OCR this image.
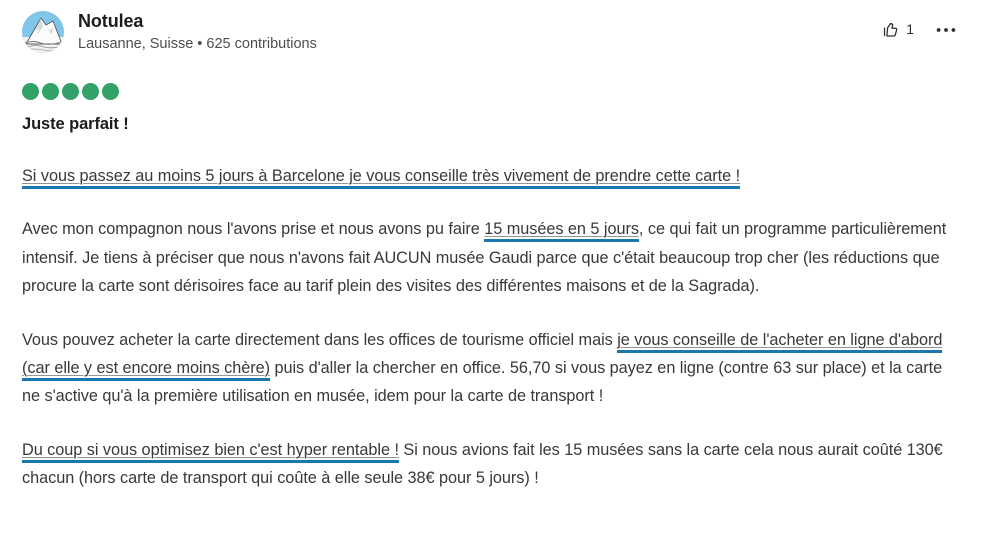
Notulea
Lausanne, Suisse • 625 contributions
1
Juste parfait !

Si vous passez au moins 5 jours à Barcelone je vous conseille très vivement de prendre cette carte !

Avec mon compagnon nous l'avons prise et nous avons pu faire 15 musées en 5 jours, ce qui fait un programme particulièrement intensif. Je tiens à préciser que nous n'avons fait AUCUN musée Gaudi parce que c'était beaucoup trop cher (les réductions que procure la carte sont dérisoires face au tarif plein des visites des différentes maisons et de la Sagrada).

Vous pouvez acheter la carte directement dans les offices de tourisme officiel mais je vous conseille de l'acheter en ligne d'abord (car elle y est encore moins chère) puis d'aller la chercher en office. 56,70 si vous payez en ligne (contre 63 sur place) et la carte ne s'active qu'à la première utilisation en musée, idem pour la carte de transport !

Du coup si vous optimisez bien c'est hyper rentable ! Si nous avions fait les 15 musées sans la carte cela nous aurait coûté 130€ chacun (hors carte de transport qui coûte à elle seule 38€ pour 5 jours) !
